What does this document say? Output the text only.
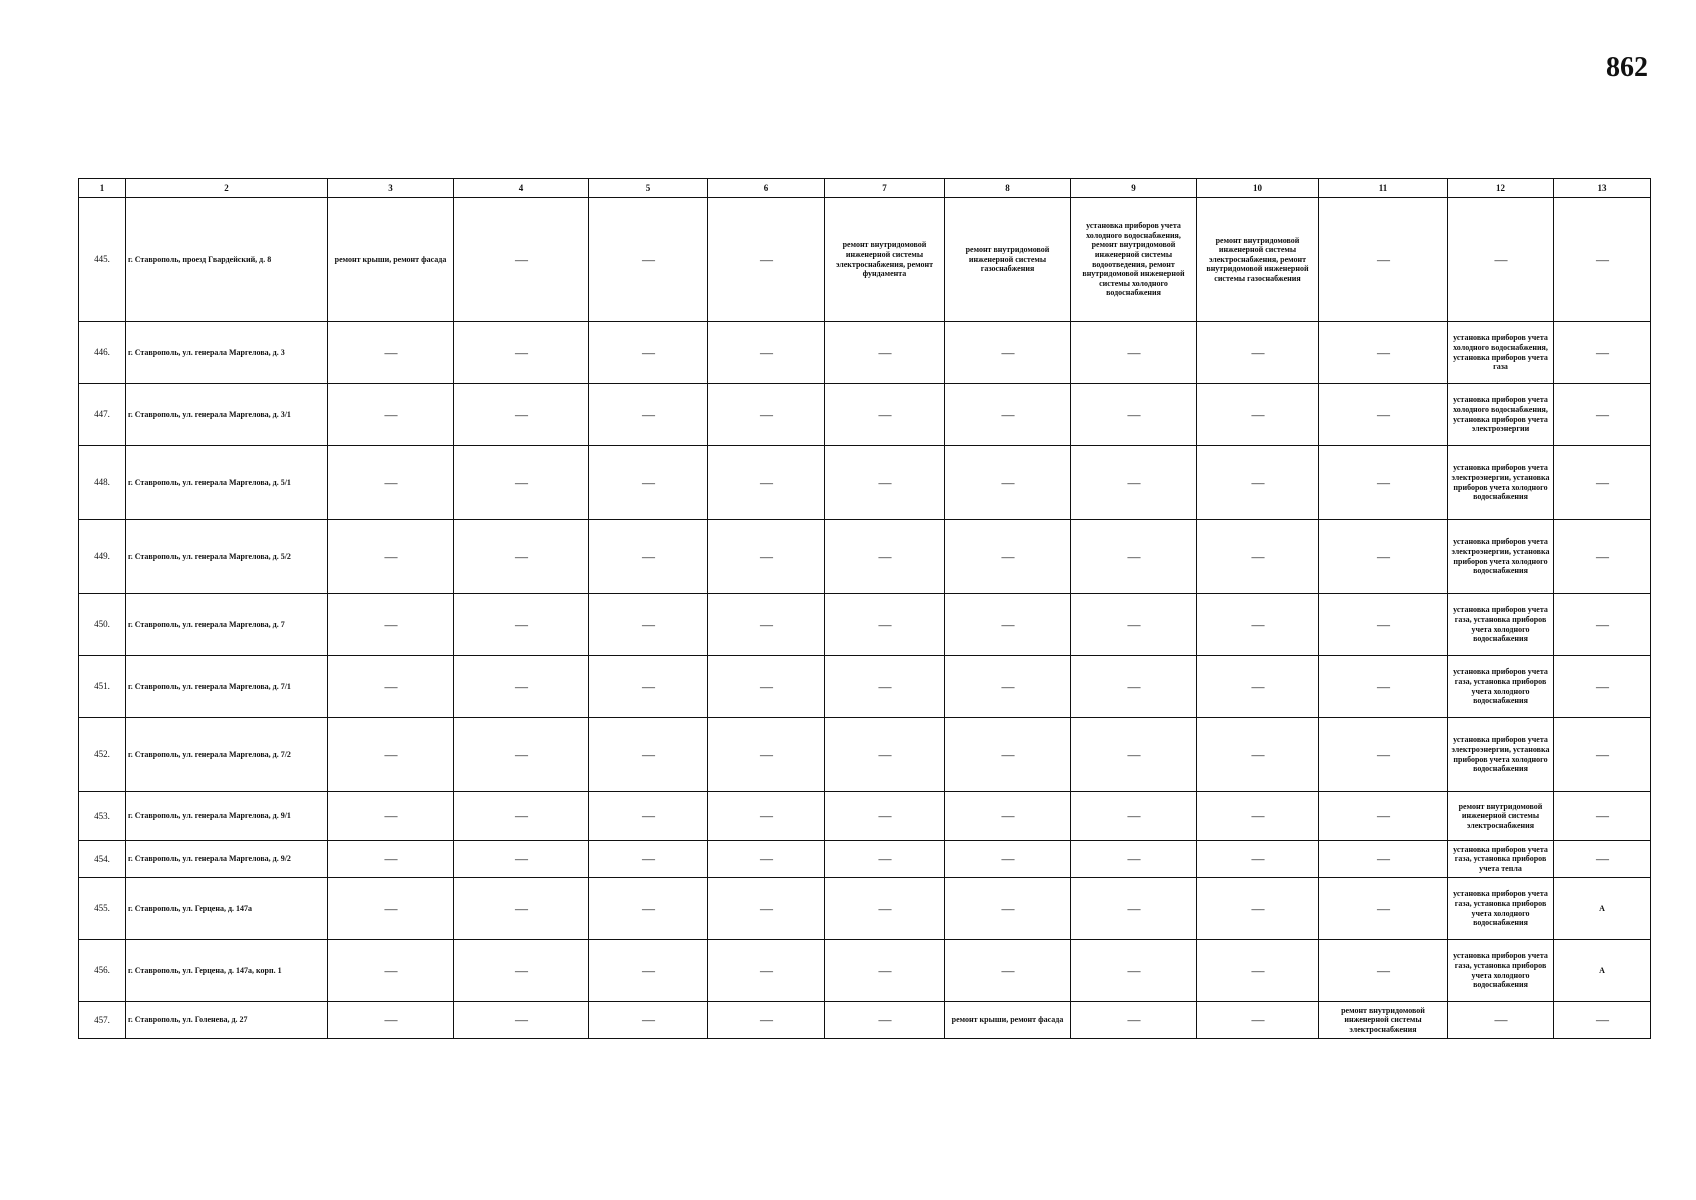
862
1	2	3	4	5	6	7	8	9	10	11	12	13
445.	г. Ставрополь, проезд Гвардейский, д. 8	ремонт крыши, ремонт фасада	—	—	—	ремонт внутридомовой инженерной системы электроснабжения, ремонт фундамента	ремонт внутридомовой инженерной системы газоснабжения	установка приборов учета холодного водоснабжения, ремонт внутридомовой инженерной системы водоотведения, ремонт внутридомовой инженерной системы холодного водоснабжения	ремонт внутридомовой инженерной системы электроснабжения, ремонт внутридомовой инженерной системы газоснабжения	—	—	—
446.	г. Ставрополь, ул. генерала Маргелова, д. 3	—	—	—	—	—	—	—	—	—	установка приборов учета холодного водоснабжения, установка приборов учета газа	—
447.	г. Ставрополь, ул. генерала Маргелова, д. 3/1	—	—	—	—	—	—	—	—	—	установка приборов учета холодного водоснабжения, установка приборов учета электроэнергии	—
448.	г. Ставрополь, ул. генерала Маргелова, д. 5/1	—	—	—	—	—	—	—	—	—	установка приборов учета электроэнергии, установка приборов учета холодного водоснабжения	—
449.	г. Ставрополь, ул. генерала Маргелова, д. 5/2	—	—	—	—	—	—	—	—	—	установка приборов учета электроэнергии, установка приборов учета холодного водоснабжения	—
450.	г. Ставрополь, ул. генерала Маргелова, д. 7	—	—	—	—	—	—	—	—	—	установка приборов учета газа, установка приборов учета холодного водоснабжения	—
451.	г. Ставрополь, ул. генерала Маргелова, д. 7/1	—	—	—	—	—	—	—	—	—	установка приборов учета газа, установка приборов учета холодного водоснабжения	—
452.	г. Ставрополь, ул. генерала Маргелова, д. 7/2	—	—	—	—	—	—	—	—	—	установка приборов учета электроэнергии, установка приборов учета холодного водоснабжения	—
453.	г. Ставрополь, ул. генерала Маргелова, д. 9/1	—	—	—	—	—	—	—	—	—	ремонт внутридомовой инженерной системы электроснабжения	—
454.	г. Ставрополь, ул. генерала Маргелова, д. 9/2	—	—	—	—	—	—	—	—	—	установка приборов учета газа, установка приборов учета тепла	—
455.	г. Ставрополь, ул. Герцена, д. 147а	—	—	—	—	—	—	—	—	—	установка приборов учета газа, установка приборов учета холодного водоснабжения	А
456.	г. Ставрополь, ул. Герцена, д. 147а, корп. 1	—	—	—	—	—	—	—	—	—	установка приборов учета газа, установка приборов учета холодного водоснабжения	А
457.	г. Ставрополь, ул. Голенева, д. 27	—	—	—	—	—	ремонт крыши, ремонт фасада	—	—	ремонт внутридомовой инженерной системы электроснабжения	—	—
